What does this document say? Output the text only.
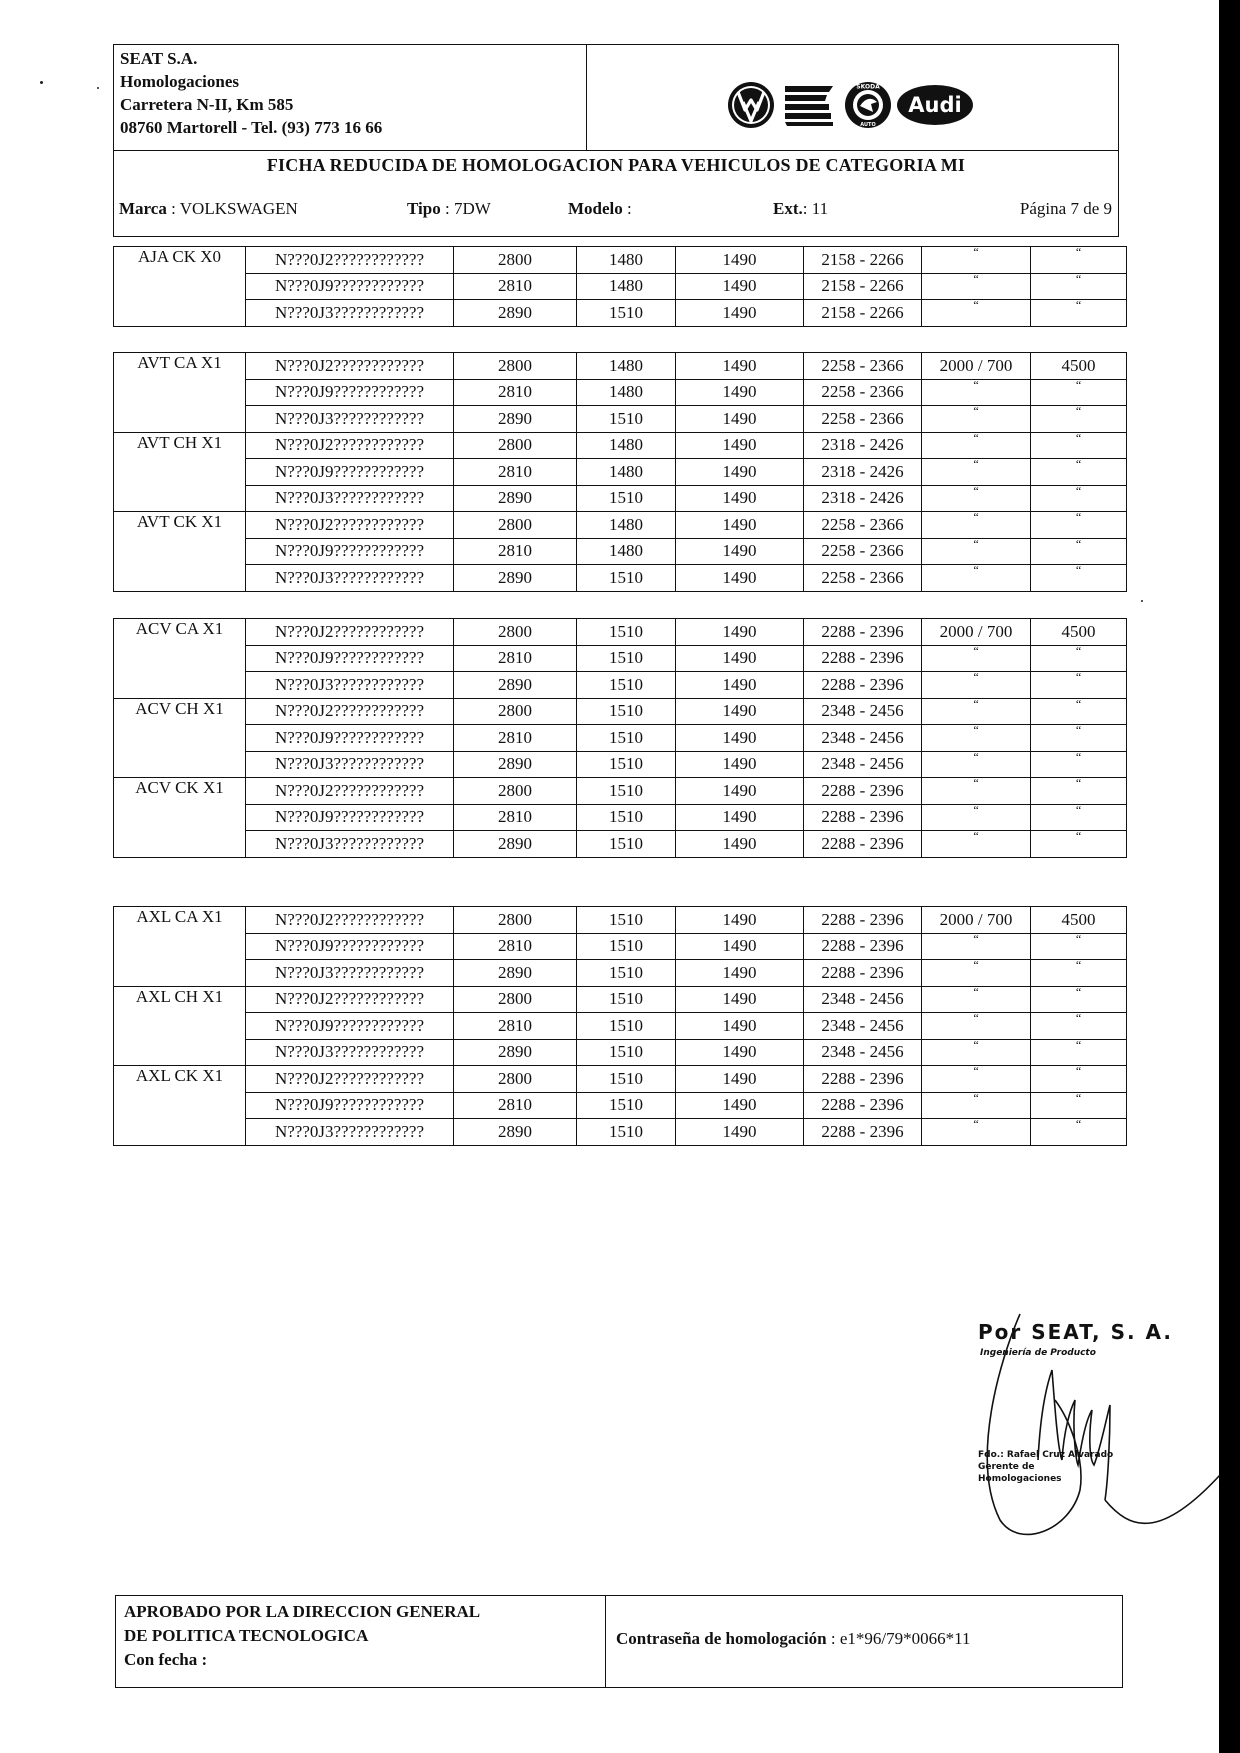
SEAT S.A.
Homologaciones
Carretera N-II, Km 585
08760 Martorell - Tel. (93) 773 16 66
ŠKODA
AUTO
Audi
FICHA REDUCIDA DE HOMOLOGACION PARA VEHICULOS DE CATEGORIA MI
Marca : VOLKSWAGEN	Tipo : 7DW	Modelo :	Ext.: 11	Página 7 de 9
AJA CK X0	N???0J2????????????	2800	1480	1490	2158 - 2266	“	“
	N???0J9????????????	2810	1480	1490	2158 - 2266	“	“
	N???0J3????????????	2890	1510	1490	2158 - 2266	“	“
AVT CA X1	N???0J2????????????	2800	1480	1490	2258 - 2366	2000 / 700	4500
	N???0J9????????????	2810	1480	1490	2258 - 2366	“	“
	N???0J3????????????	2890	1510	1490	2258 - 2366	“	“
AVT CH X1	N???0J2????????????	2800	1480	1490	2318 - 2426	“	“
	N???0J9????????????	2810	1480	1490	2318 - 2426	“	“
	N???0J3????????????	2890	1510	1490	2318 - 2426	“	“
AVT CK X1	N???0J2????????????	2800	1480	1490	2258 - 2366	“	“
	N???0J9????????????	2810	1480	1490	2258 - 2366	“	“
	N???0J3????????????	2890	1510	1490	2258 - 2366	“	“
ACV CA X1	N???0J2????????????	2800	1510	1490	2288 - 2396	2000 / 700	4500
	N???0J9????????????	2810	1510	1490	2288 - 2396	“	“
	N???0J3????????????	2890	1510	1490	2288 - 2396	“	“
ACV CH X1	N???0J2????????????	2800	1510	1490	2348 - 2456	“	“
	N???0J9????????????	2810	1510	1490	2348 - 2456	“	“
	N???0J3????????????	2890	1510	1490	2348 - 2456	“	“
ACV CK X1	N???0J2????????????	2800	1510	1490	2288 - 2396	“	“
	N???0J9????????????	2810	1510	1490	2288 - 2396	“	“
	N???0J3????????????	2890	1510	1490	2288 - 2396	“	“
AXL CA X1	N???0J2????????????	2800	1510	1490	2288 - 2396	2000 / 700	4500
	N???0J9????????????	2810	1510	1490	2288 - 2396	“	“
	N???0J3????????????	2890	1510	1490	2288 - 2396	“	“
AXL CH X1	N???0J2????????????	2800	1510	1490	2348 - 2456	“	“
	N???0J9????????????	2810	1510	1490	2348 - 2456	“	“
	N???0J3????????????	2890	1510	1490	2348 - 2456	“	“
AXL CK X1	N???0J2????????????	2800	1510	1490	2288 - 2396	“	“
	N???0J9????????????	2810	1510	1490	2288 - 2396	“	“
	N???0J3????????????	2890	1510	1490	2288 - 2396	“	“
Por SEAT, S. A.
Ingeniería de Producto
Fdo.: Rafael Cruz Alvarado
Gerente de
Homologaciones
APROBADO POR LA DIRECCION GENERAL
DE POLITICA TECNOLOGICA
Con fecha :
Contraseña de homologación : e1*96/79*0066*11
